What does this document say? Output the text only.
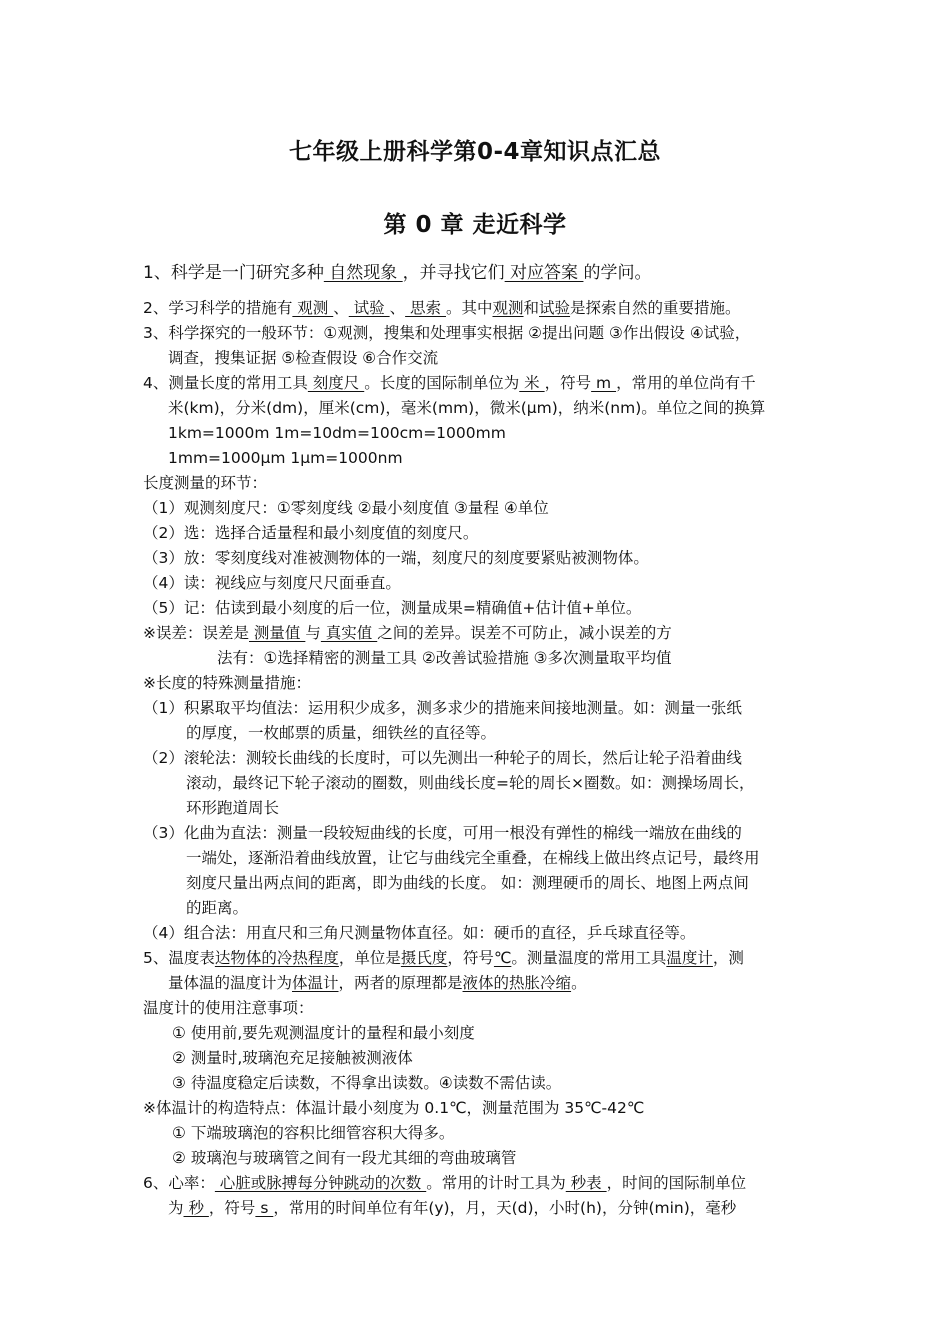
七年级上册科学第0-4章知识点汇总
第 0 章 走近科学
1、科学是一门研究多种 自然现象 ，并寻找它们 对应答案 的学问。
2、学习科学的措施有 观测 、 试验 、 思索 。其中观测和试验是探索自然的重要措施。
3、科学探究的一般环节：①观测，搜集和处理事实根据 ②提出问题 ③作出假设 ④试验，
调查，搜集证据 ⑤检查假设 ⑥合作交流
4、测量长度的常用工具 刻度尺 。长度的国际制单位为 米 ，符号 m ，常用的单位尚有千
米(km)，分米(dm)，厘米(cm)，毫米(mm)，微米(μm)，纳米(nm)。单位之间的换算
1km=1000m 1m=10dm=100cm=1000mm
1mm=1000μm 1μm=1000nm
长度测量的环节：
（1）观测刻度尺：①零刻度线 ②最小刻度值 ③量程 ④单位
（2）选：选择合适量程和最小刻度值的刻度尺。
（3）放：零刻度线对准被测物体的一端，刻度尺的刻度要紧贴被测物体。
（4）读：视线应与刻度尺尺面垂直。
（5）记：估读到最小刻度的后一位，测量成果=精确值+估计值+单位。
※误差：误差是 测量值 与 真实值 之间的差异。误差不可防止，减小误差的方
法有：①选择精密的测量工具 ②改善试验措施 ③多次测量取平均值
※长度的特殊测量措施：
（1）积累取平均值法：运用积少成多，测多求少的措施来间接地测量。如：测量一张纸
的厚度，一枚邮票的质量，细铁丝的直径等。
（2）滚轮法：测较长曲线的长度时，可以先测出一种轮子的周长，然后让轮子沿着曲线
滚动，最终记下轮子滚动的圈数，则曲线长度=轮的周长×圈数。如：测操场周长，
环形跑道周长
（3）化曲为直法：测量一段较短曲线的长度，可用一根没有弹性的棉线一端放在曲线的
一端处，逐渐沿着曲线放置，让它与曲线完全重叠，在棉线上做出终点记号，最终用
刻度尺量出两点间的距离，即为曲线的长度。 如：测理硬币的周长、地图上两点间
的距离。
（4）组合法：用直尺和三角尺测量物体直径。如：硬币的直径，乒乓球直径等。
5、温度表达物体的冷热程度，单位是摄氏度，符号℃。测量温度的常用工具温度计，测
量体温的温度计为体温计，两者的原理都是液体的热胀冷缩。
温度计的使用注意事项：
① 使用前,要先观测温度计的量程和最小刻度
② 测量时,玻璃泡充足接触被测液体
③ 待温度稳定后读数，不得拿出读数。④读数不需估读。
※体温计的构造特点：体温计最小刻度为 0.1℃，测量范围为 35℃-42℃
① 下端玻璃泡的容积比细管容积大得多。
② 玻璃泡与玻璃管之间有一段尤其细的弯曲玻璃管
6、心率： 心脏或脉搏每分钟跳动的次数 。常用的计时工具为 秒表 ，时间的国际制单位
为 秒 ，符号 s ，常用的时间单位有年(y)，月，天(d)，小时(h)，分钟(min)，毫秒
